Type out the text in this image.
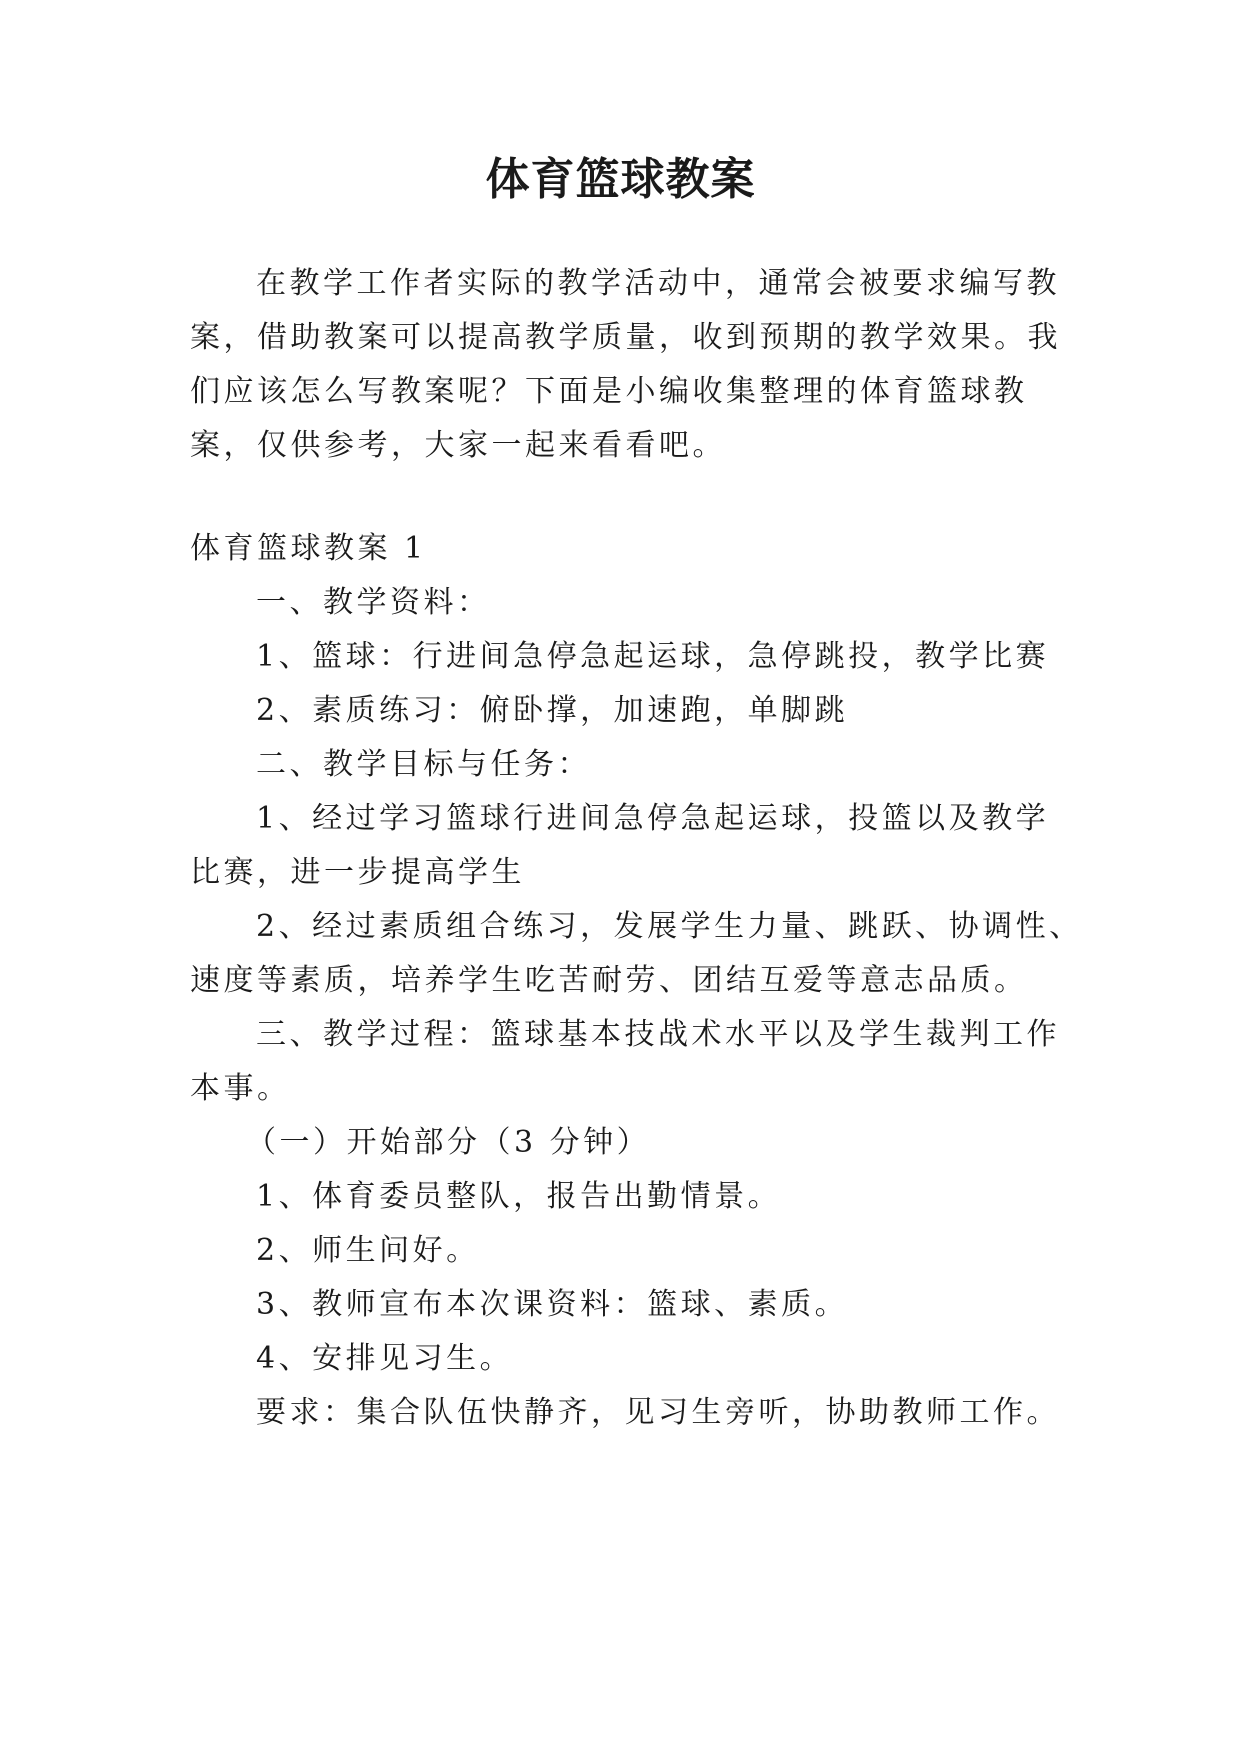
体育篮球教案
在教学工作者实际的教学活动中，通常会被要求编写教
案，借助教案可以提高教学质量，收到预期的教学效果。我
们应该怎么写教案呢？下面是小编收集整理的体育篮球教
案，仅供参考，大家一起来看看吧。
体育篮球教案 1
一、教学资料：
1、篮球：行进间急停急起运球，急停跳投，教学比赛
2、素质练习：俯卧撑，加速跑，单脚跳
二、教学目标与任务：
1、经过学习篮球行进间急停急起运球，投篮以及教学
比赛，进一步提高学生
2、经过素质组合练习，发展学生力量、跳跃、协调性、
速度等素质，培养学生吃苦耐劳、团结互爱等意志品质。
三、教学过程：篮球基本技战术水平以及学生裁判工作
本事。
（一）开始部分（3 分钟）
1、体育委员整队，报告出勤情景。
2、师生问好。
3、教师宣布本次课资料：篮球、素质。
4、安排见习生。
要求：集合队伍快静齐，见习生旁听，协助教师工作。
